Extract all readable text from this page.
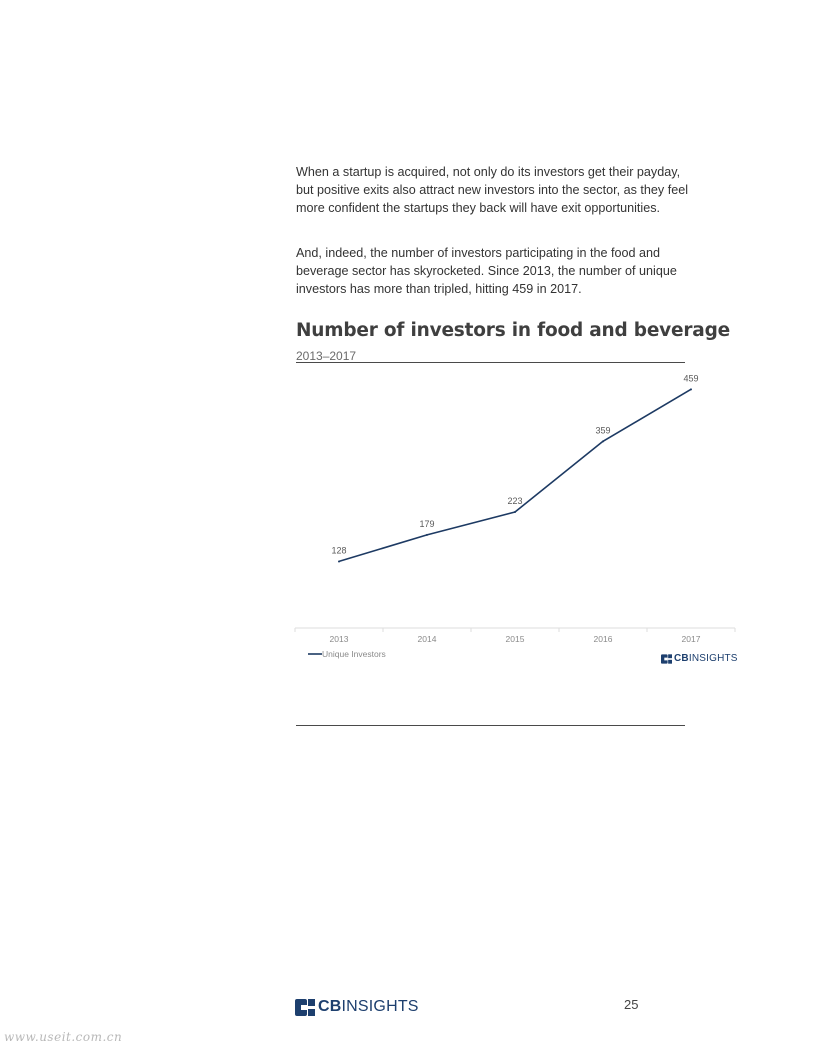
When a startup is acquired, not only do its investors get their payday, but positive exits also attract new investors into the sector, as they feel more confident the startups they back will have exit opportunities.

And, indeed, the number of investors participating in the food and beverage sector has skyrocketed. Since 2013, the number of unique investors has more than tripled, hitting 459 in 2017.

Number of investors in food and beverage
2013–2017
2013	2014	2015	2016	2017
128
179
223
359
459
Unique Investors	CBINSIGHTS
CBINSIGHTS	25
www.useit.com.cn
